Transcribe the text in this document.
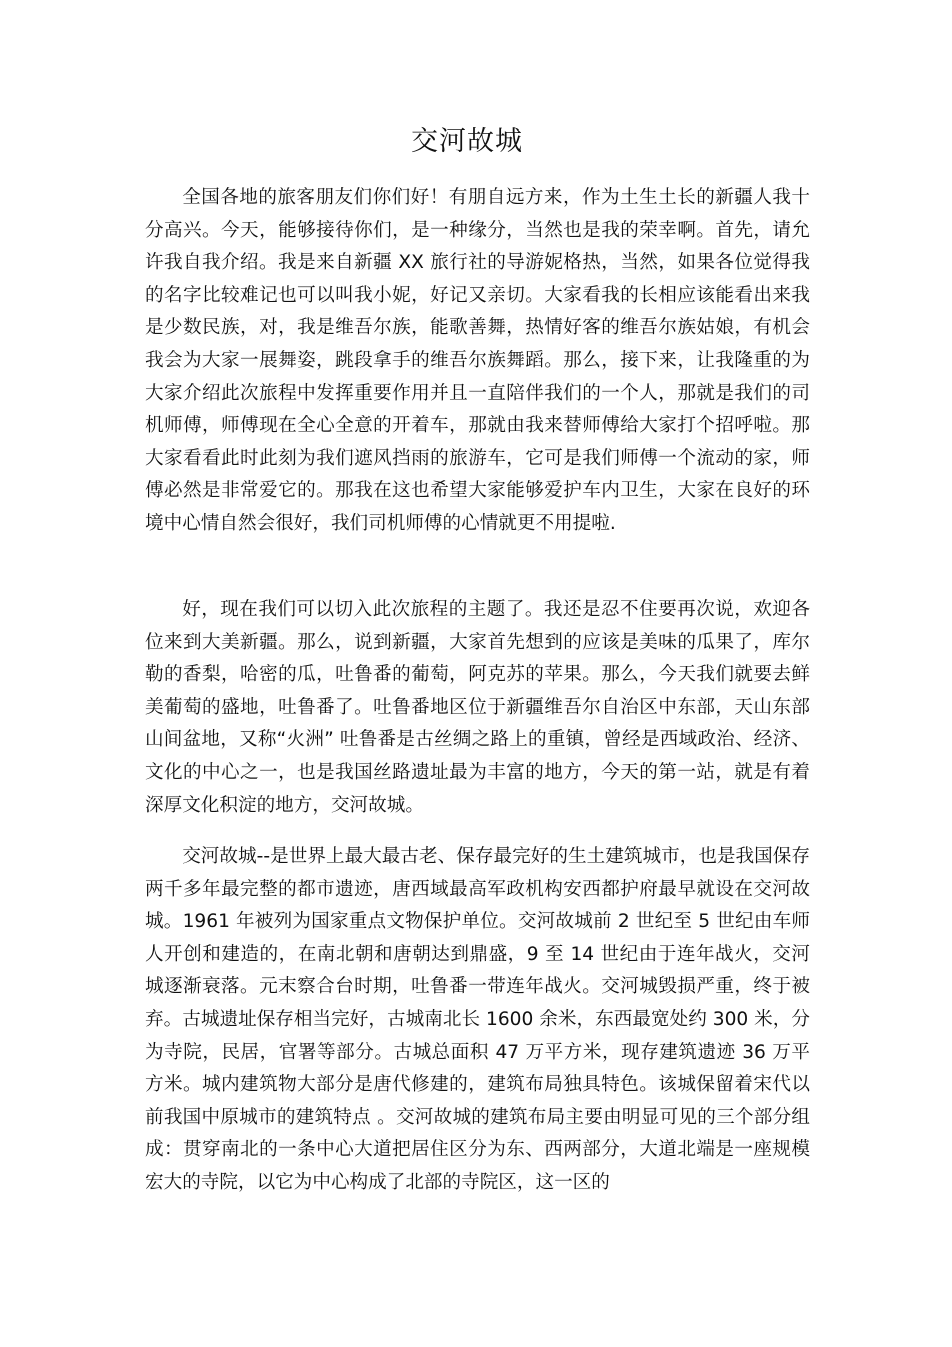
交河故城

全国各地的旅客朋友们你们好！有朋自远方来，作为土生土长的新疆人我十分高兴。今天，能够接待你们，是一种缘分，当然也是我的荣幸啊。首先，请允许我自我介绍。我是来自新疆 XX 旅行社的导游妮格热，当然，如果各位觉得我的名字比较难记也可以叫我小妮，好记又亲切。大家看我的长相应该能看出来我是少数民族，对，我是维吾尔族，能歌善舞，热情好客的维吾尔族姑娘，有机会我会为大家一展舞姿，跳段拿手的维吾尔族舞蹈。那么，接下来，让我隆重的为大家介绍此次旅程中发挥重要作用并且一直陪伴我们的一个人，那就是我们的司机师傅，师傅现在全心全意的开着车，那就由我来替师傅给大家打个招呼啦。那大家看看此时此刻为我们遮风挡雨的旅游车，它可是我们师傅一个流动的家，师傅必然是非常爱它的。那我在这也希望大家能够爱护车内卫生，大家在良好的环境中心情自然会很好，我们司机师傅的心情就更不用提啦.

好，现在我们可以切入此次旅程的主题了。我还是忍不住要再次说，欢迎各位来到大美新疆。那么，说到新疆，大家首先想到的应该是美味的瓜果了，库尔勒的香梨，哈密的瓜，吐鲁番的葡萄，阿克苏的苹果。那么，今天我们就要去鲜美葡萄的盛地，吐鲁番了。吐鲁番地区位于新疆维吾尔自治区中东部，天山东部山间盆地，又称“火洲” 吐鲁番是古丝绸之路上的重镇，曾经是西域政治、经济、文化的中心之一，也是我国丝路遗址最为丰富的地方，今天的第一站，就是有着深厚文化积淀的地方，交河故城。

交河故城--是世界上最大最古老、保存最完好的生土建筑城市，也是我国保存两千多年最完整的都市遗迹，唐西域最高军政机构安西都护府最早就设在交河故城。1961 年被列为国家重点文物保护单位。交河故城前 2 世纪至 5 世纪由车师人开创和建造的，在南北朝和唐朝达到鼎盛，9 至 14 世纪由于连年战火，交河城逐渐衰落。元末察合台时期，吐鲁番一带连年战火。交河城毁损严重，终于被弃。古城遗址保存相当完好，古城南北长 1600 余米，东西最宽处约 300 米，分为寺院，民居，官署等部分。古城总面积 47 万平方米，现存建筑遗迹 36 万平方米。城内建筑物大部分是唐代修建的，建筑布局独具特色。该城保留着宋代以前我国中原城市的建筑特点 。交河故城的建筑布局主要由明显可见的三个部分组成：贯穿南北的一条中心大道把居住区分为东、西两部分，大道北端是一座规模宏大的寺院，以它为中心构成了北部的寺院区，这一区的
